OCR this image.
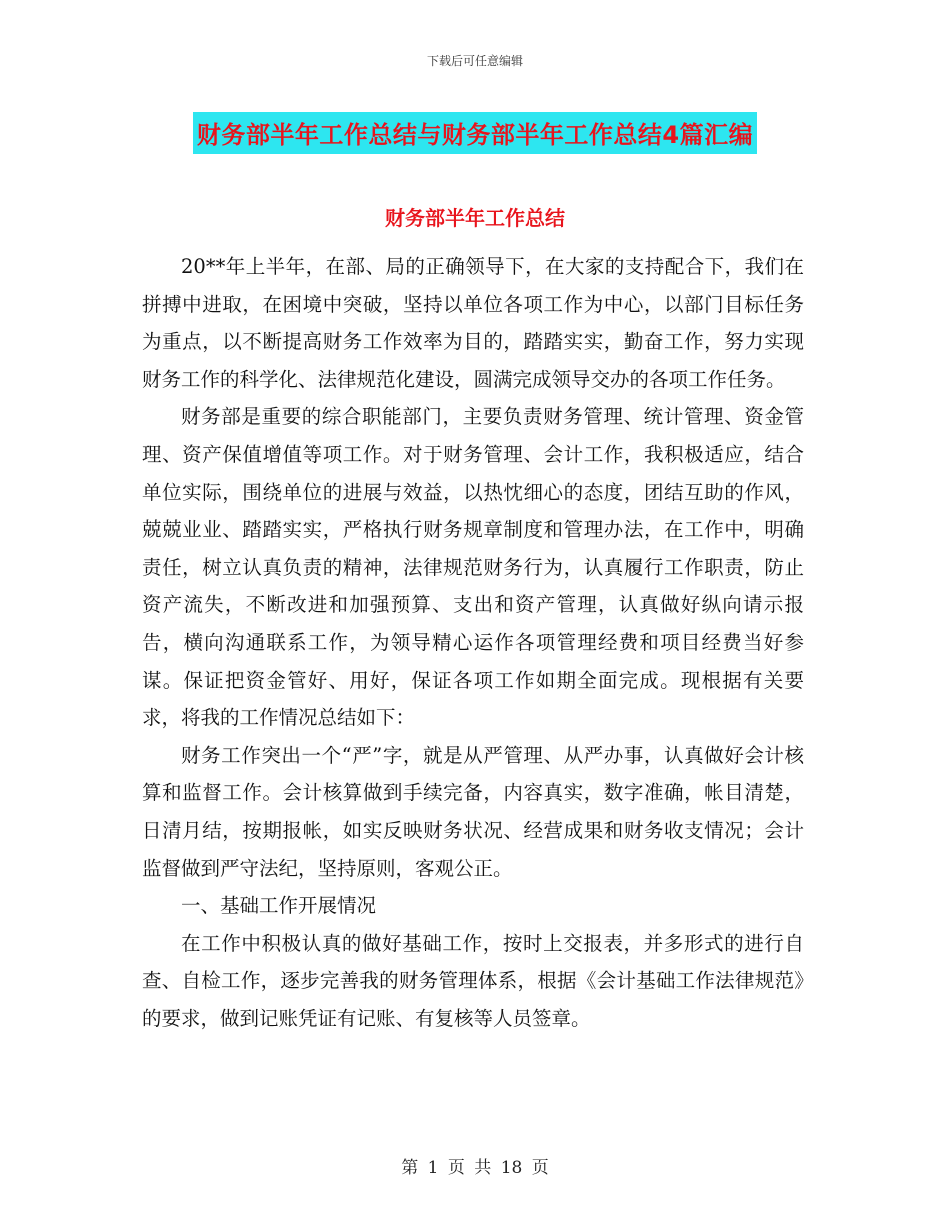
下载后可任意编辑
财务部半年工作总结与财务部半年工作总结4篇汇编
财务部半年工作总结

20**年上半年，在部、局的正确领导下，在大家的支持配合下，我们在拼搏中进取，在困境中突破，坚持以单位各项工作为中心，以部门目标任务为重点，以不断提高财务工作效率为目的，踏踏实实，勤奋工作，努力实现财务工作的科学化、法律规范化建设，圆满完成领导交办的各项工作任务。

财务部是重要的综合职能部门，主要负责财务管理、统计管理、资金管理、资产保值增值等项工作。对于财务管理、会计工作，我积极适应，结合单位实际，围绕单位的进展与效益，以热忱细心的态度，团结互助的作风，兢兢业业、踏踏实实，严格执行财务规章制度和管理办法，在工作中，明确责任，树立认真负责的精神，法律规范财务行为，认真履行工作职责，防止资产流失，不断改进和加强预算、支出和资产管理，认真做好纵向请示报告，横向沟通联系工作，为领导精心运作各项管理经费和项目经费当好参谋。保证把资金管好、用好，保证各项工作如期全面完成。现根据有关要求，将我的工作情况总结如下：

财务工作突出一个“严”字，就是从严管理、从严办事，认真做好会计核算和监督工作。会计核算做到手续完备，内容真实，数字准确，帐目清楚，日清月结，按期报帐，如实反映财务状况、经营成果和财务收支情况；会计监督做到严守法纪，坚持原则，客观公正。

一、基础工作开展情况

在工作中积极认真的做好基础工作，按时上交报表，并多形式的进行自查、自检工作，逐步完善我的财务管理体系，根据《会计基础工作法律规范》的要求，做到记账凭证有记账、有复核等人员签章。

第 1 页 共 18 页
